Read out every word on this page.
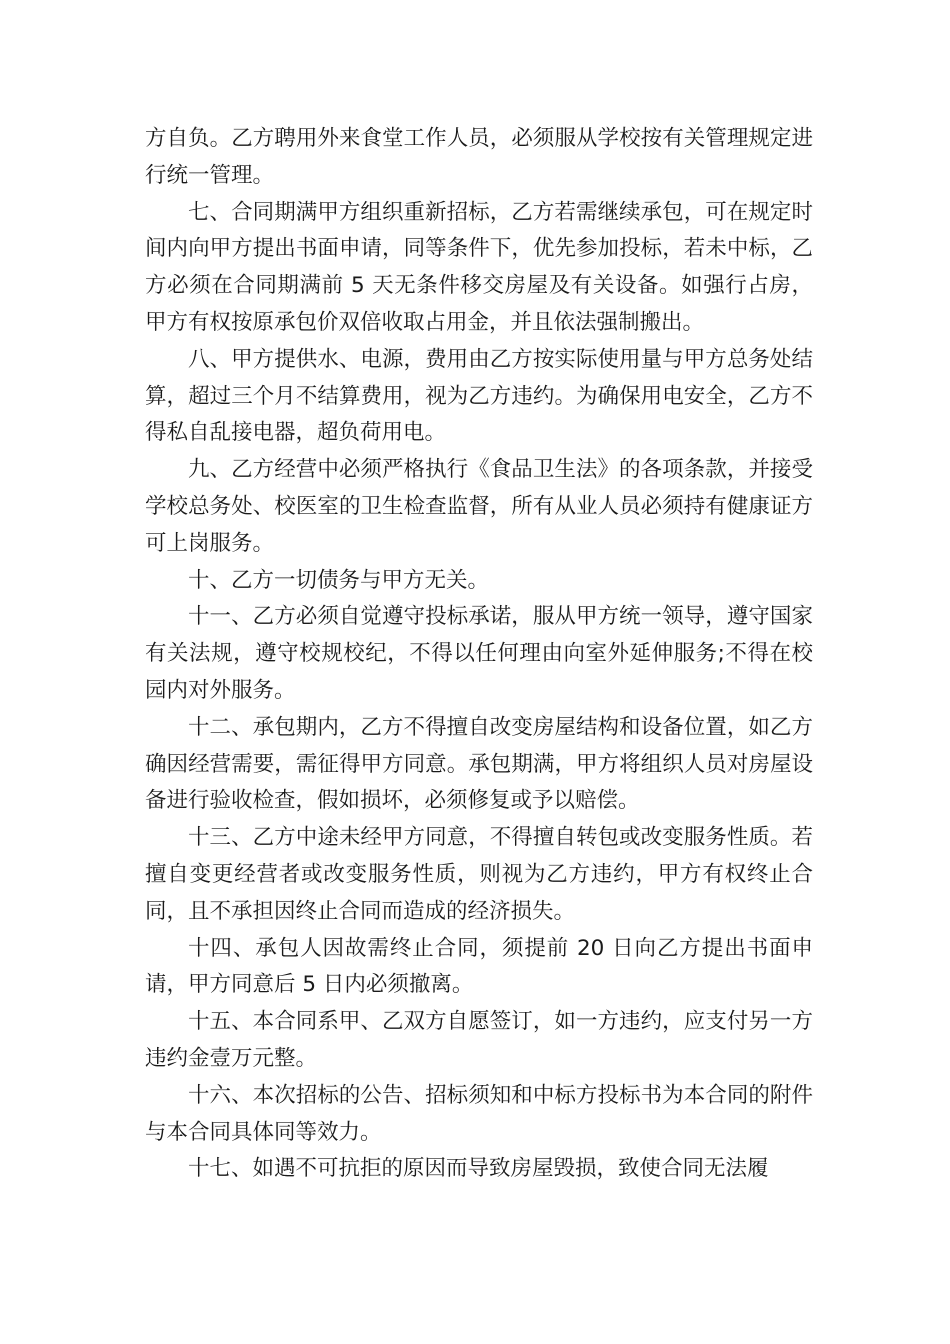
方自负。乙方聘用外来食堂工作人员，必须服从学校按有关管理规定进行统一管理。

七、合同期满甲方组织重新招标，乙方若需继续承包，可在规定时间内向甲方提出书面申请，同等条件下，优先参加投标，若未中标，乙方必须在合同期满前 5 天无条件移交房屋及有关设备。如强行占房，甲方有权按原承包价双倍收取占用金，并且依法强制搬出。

八、甲方提供水、电源，费用由乙方按实际使用量与甲方总务处结算，超过三个月不结算费用，视为乙方违约。为确保用电安全，乙方不得私自乱接电器，超负荷用电。

九、乙方经营中必须严格执行《食品卫生法》的各项条款，并接受学校总务处、校医室的卫生检查监督，所有从业人员必须持有健康证方可上岗服务。

十、乙方一切债务与甲方无关。

十一、乙方必须自觉遵守投标承诺，服从甲方统一领导，遵守国家有关法规，遵守校规校纪，不得以任何理由向室外延伸服务;不得在校园内对外服务。

十二、承包期内，乙方不得擅自改变房屋结构和设备位置，如乙方确因经营需要，需征得甲方同意。承包期满，甲方将组织人员对房屋设备进行验收检查，假如损坏，必须修复或予以赔偿。

十三、乙方中途未经甲方同意，不得擅自转包或改变服务性质。若擅自变更经营者或改变服务性质，则视为乙方违约，甲方有权终止合同，且不承担因终止合同而造成的经济损失。

十四、承包人因故需终止合同，须提前 20 日向乙方提出书面申请，甲方同意后 5 日内必须撤离。

十五、本合同系甲、乙双方自愿签订，如一方违约，应支付另一方违约金壹万元整。

十六、本次招标的公告、招标须知和中标方投标书为本合同的附件与本合同具体同等效力。

十七、如遇不可抗拒的原因而导致房屋毁损，致使合同无法履
